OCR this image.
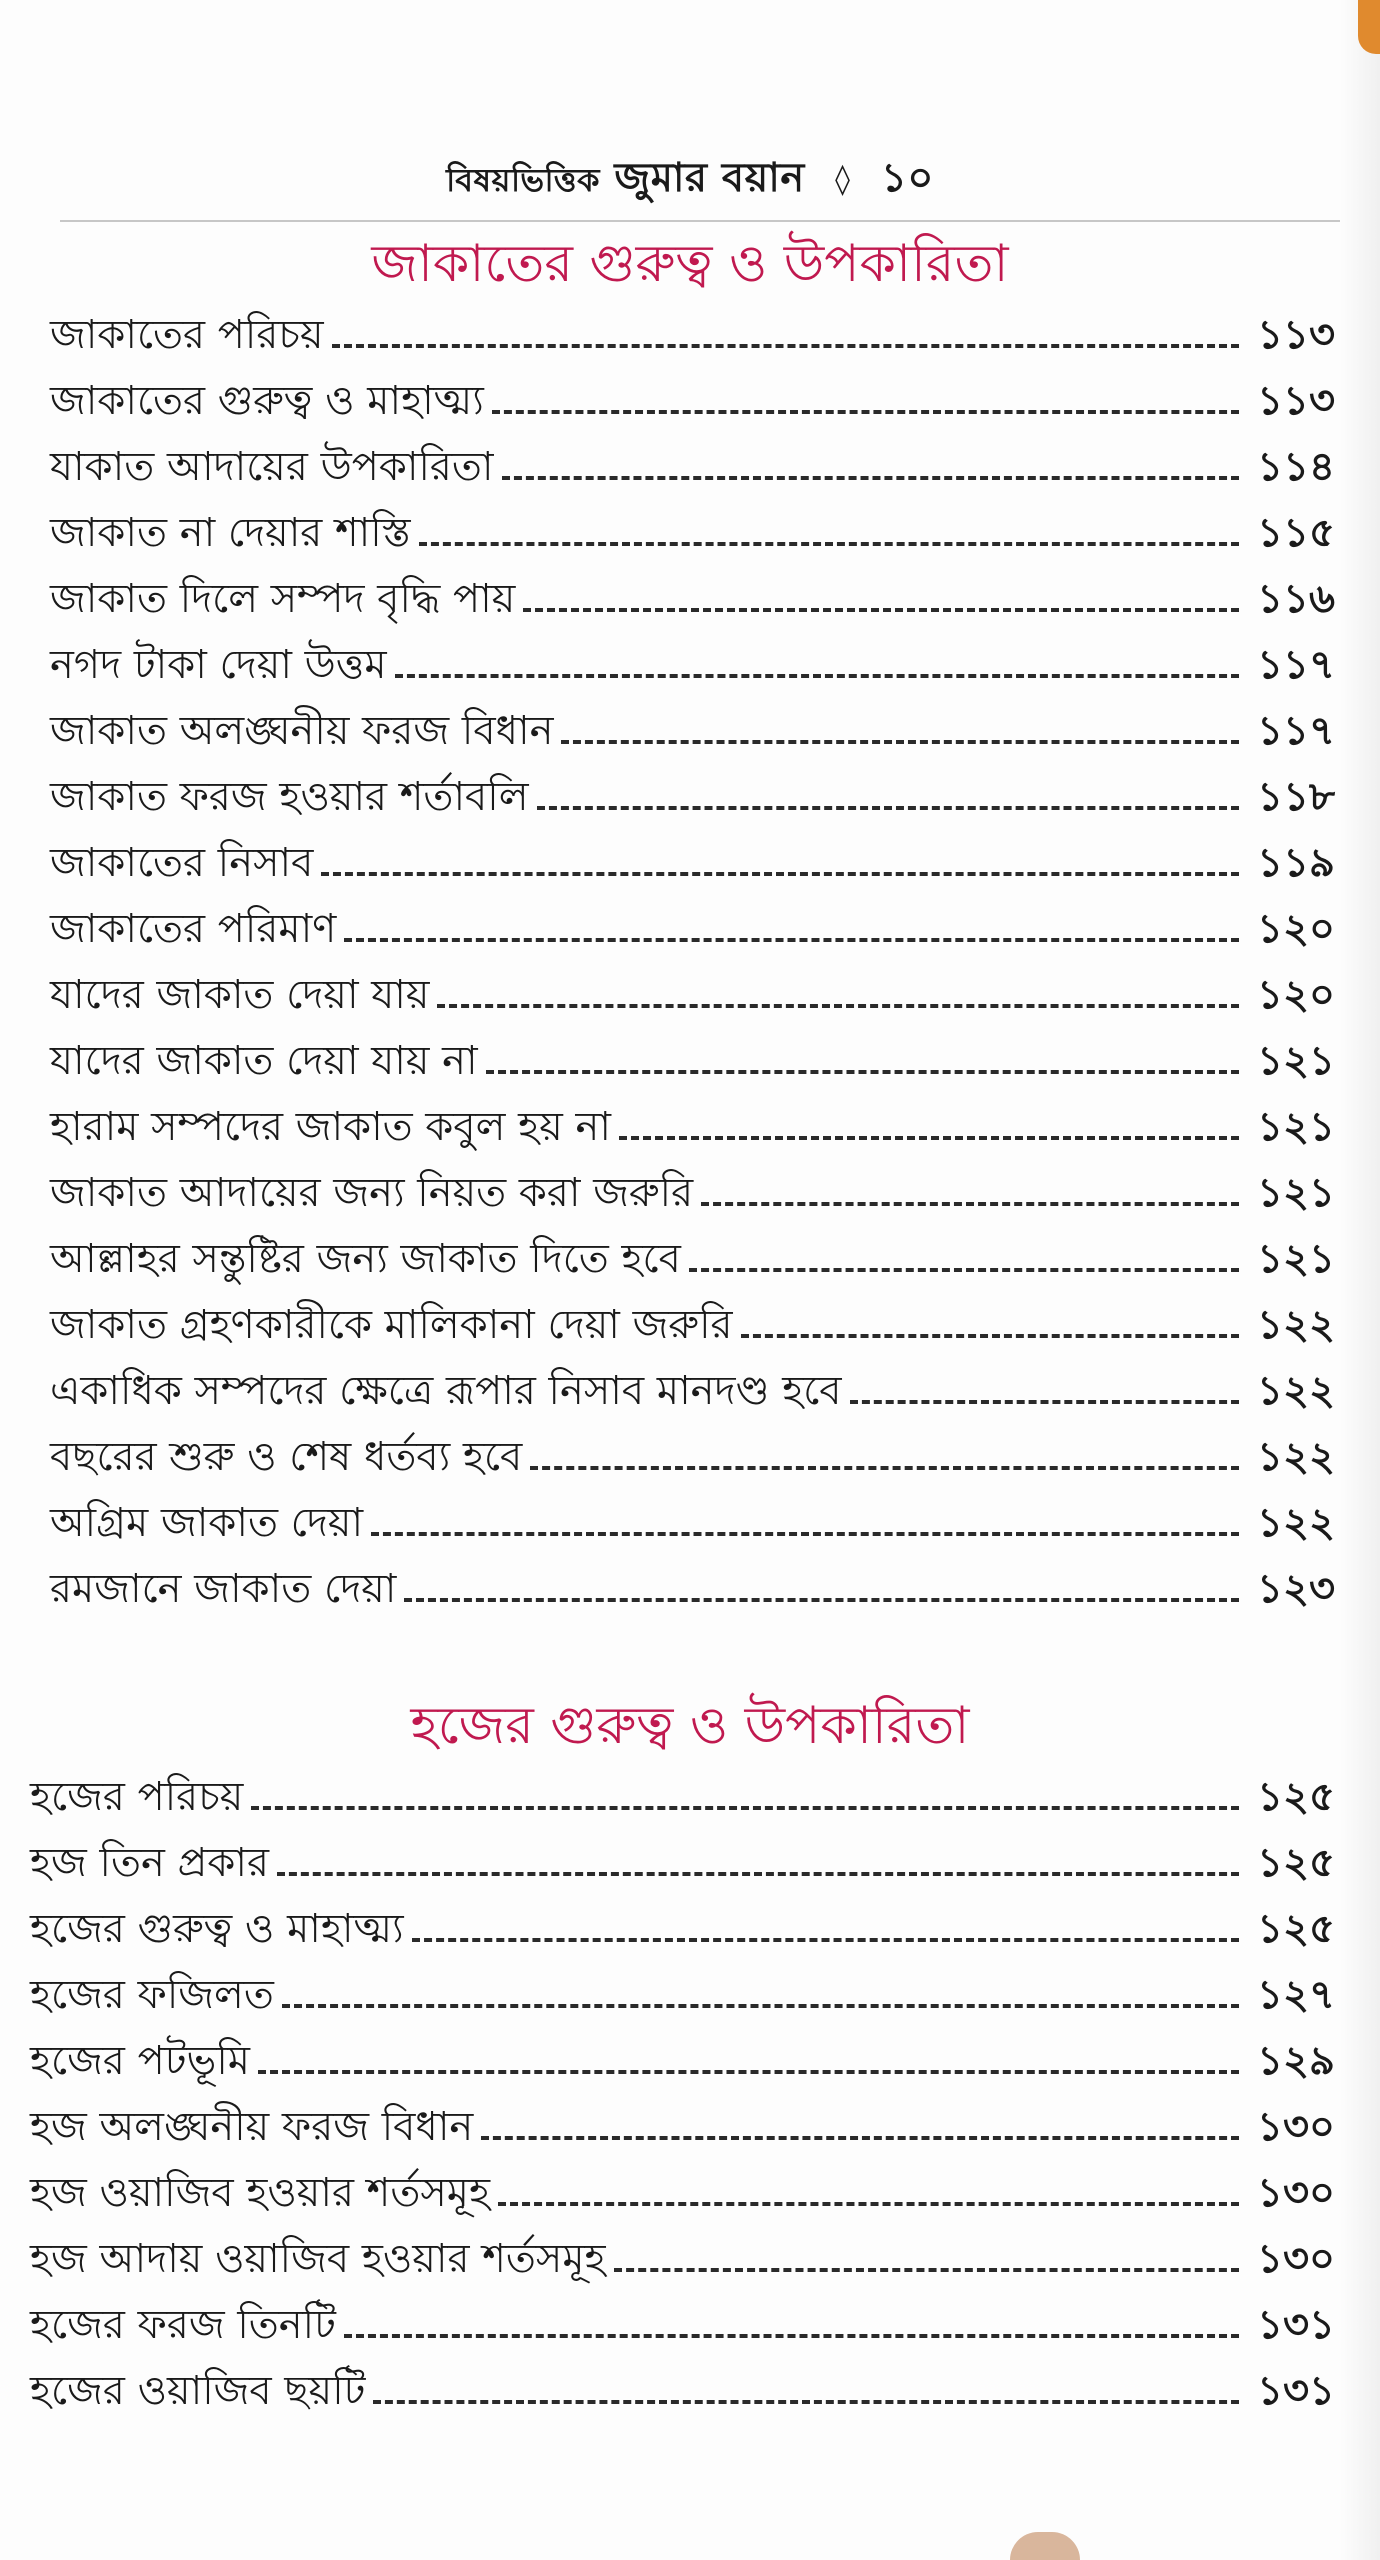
বিষয়ভিত্তিক জুমার বয়ান ◊ ১০
জাকাতের গুরুত্ব ও উপকারিতা
জাকাতের পরিচয়	১১৩
জাকাতের গুরুত্ব ও মাহাত্ম্য	১১৩
যাকাত আদায়ের উপকারিতা	১১৪
জাকাত না দেয়ার শাস্তি	১১৫
জাকাত দিলে সম্পদ বৃদ্ধি পায়	১১৬
নগদ টাকা দেয়া উত্তম	১১৭
জাকাত অলঙ্ঘনীয় ফরজ বিধান	১১৭
জাকাত ফরজ হওয়ার শর্তাবলি	১১৮
জাকাতের নিসাব	১১৯
জাকাতের পরিমাণ	১২০
যাদের জাকাত দেয়া যায়	১২০
যাদের জাকাত দেয়া যায় না	১২১
হারাম সম্পদের জাকাত কবুল হয় না	১২১
জাকাত আদায়ের জন্য নিয়ত করা জরুরি	১২১
আল্লাহর সন্তুষ্টির জন্য জাকাত দিতে হবে	১২১
জাকাত গ্রহণকারীকে মালিকানা দেয়া জরুরি	১২২
একাধিক সম্পদের ক্ষেত্রে রূপার নিসাব মানদণ্ড হবে	১২২
বছরের শুরু ও শেষ ধর্তব্য হবে	১২২
অগ্রিম জাকাত দেয়া	১২২
রমজানে জাকাত দেয়া	১২৩
হজের গুরুত্ব ও উপকারিতা
হজের পরিচয়	১২৫
হজ তিন প্রকার	১২৫
হজের গুরুত্ব ও মাহাত্ম্য	১২৫
হজের ফজিলত	১২৭
হজের পটভূমি	১২৯
হজ অলঙ্ঘনীয় ফরজ বিধান	১৩০
হজ ওয়াজিব হওয়ার শর্তসমূহ	১৩০
হজ আদায় ওয়াজিব হওয়ার শর্তসমূহ	১৩০
হজের ফরজ তিনটি	১৩১
হজের ওয়াজিব ছয়টি	১৩১
